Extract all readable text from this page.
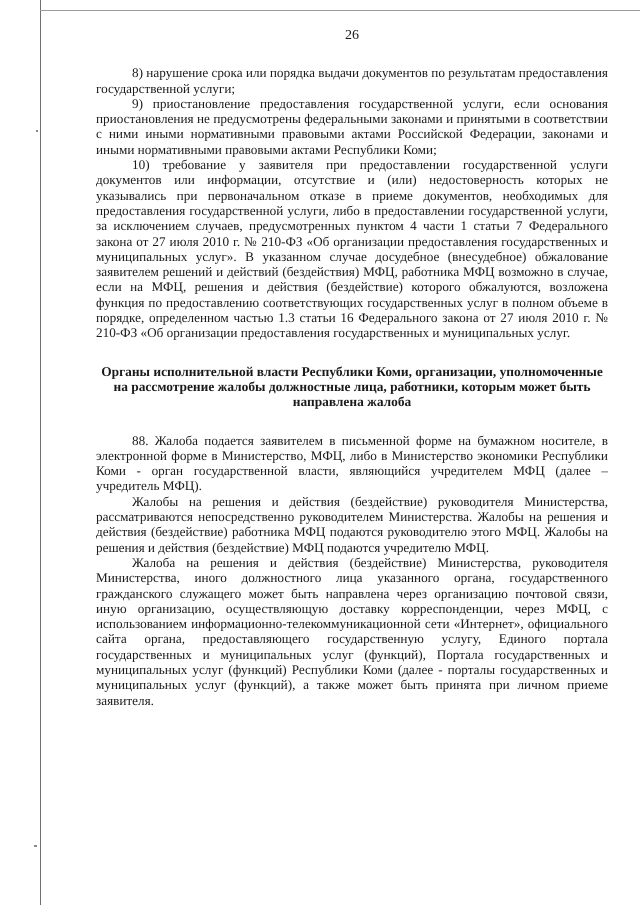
26

8) нарушение срока или порядка выдачи документов по результатам предоставления государственной услуги;

9) приостановление предоставления государственной услуги, если основания приостановления не предусмотрены федеральными законами и принятыми в соответствии с ними иными нормативными правовыми актами Российской Федерации, законами и иными нормативными правовыми актами Республики Коми;

10) требование у заявителя при предоставлении государственной услуги документов или информации, отсутствие и (или) недостоверность которых не указывались при первоначальном отказе в приеме документов, необходимых для предоставления государственной услуги, либо в предоставлении государственной услуги, за исключением случаев, предусмотренных пунктом 4 части 1 статьи 7 Федерального закона от 27 июля 2010 г. № 210-ФЗ «Об организации предоставления государственных и муниципальных услуг». В указанном случае досудебное (внесудебное) обжалование заявителем решений и действий (бездействия) МФЦ, работника МФЦ возможно в случае, если на МФЦ, решения и действия (бездействие) которого обжалуются, возложена функция по предоставлению соответствующих государственных услуг в полном объеме в порядке, определенном частью 1.3 статьи 16 Федерального закона от 27 июля 2010 г. № 210-ФЗ «Об организации предоставления государственных и муниципальных услуг.

Органы исполнительной власти Республики Коми, организации, уполномоченные на рассмотрение жалобы должностные лица, работники, которым может быть направлена жалоба

88. Жалоба подается заявителем в письменной форме на бумажном носителе, в электронной форме в Министерство, МФЦ, либо в Министерство экономики Республики Коми - орган государственной власти, являющийся учредителем МФЦ (далее – учредитель МФЦ).

Жалобы на решения и действия (бездействие) руководителя Министерства, рассматриваются непосредственно руководителем Министерства. Жалобы на решения и действия (бездействие) работника МФЦ подаются руководителю этого МФЦ. Жалобы на решения и действия (бездействие) МФЦ подаются учредителю МФЦ.

Жалоба на решения и действия (бездействие) Министерства, руководителя Министерства, иного должностного лица указанного органа, государственного гражданского служащего может быть направлена через организацию почтовой связи, иную организацию, осуществляющую доставку корреспонденции, через МФЦ, с использованием информационно-телекоммуникационной сети «Интернет», официального сайта органа, предоставляющего государственную услугу, Единого портала государственных и муниципальных услуг (функций), Портала государственных и муниципальных услуг (функций) Республики Коми (далее - порталы государственных и муниципальных услуг (функций), а также может быть принята при личном приеме заявителя.
